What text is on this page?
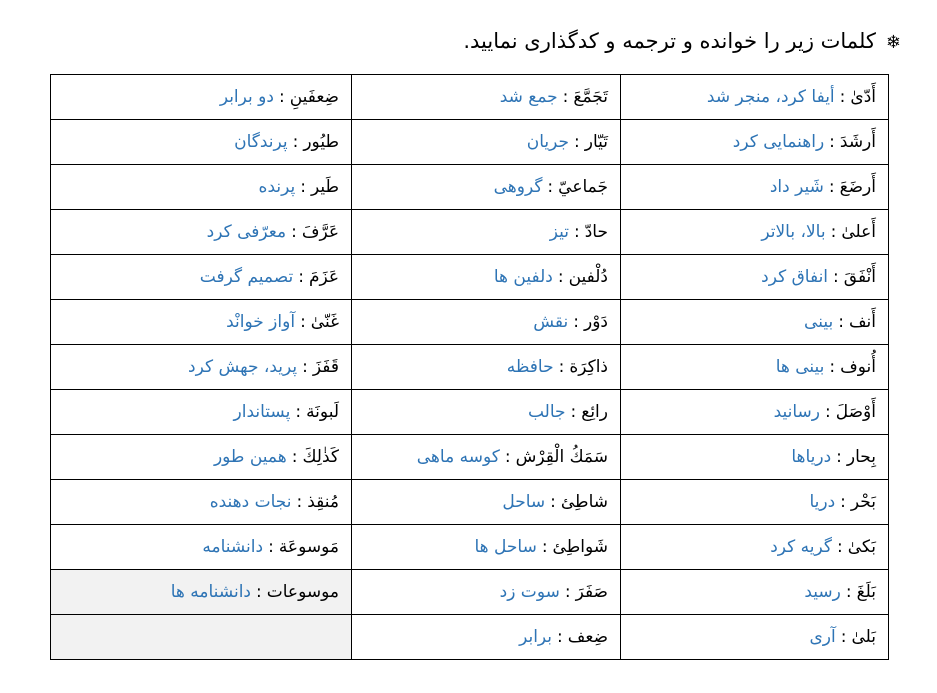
❄کلمات زیر را خوانده و ترجمه و کدگذاری نمایید.
أَدّیٰ:أیفا کرد، منجر شد	تَجَمَّعَ:جمع شد	ضِعفَینِ:دو برابر
أَرشَدَ:راهنمایی کرد	تَیّار:جریان	طیُور:پرندگان
أَرضَعَ:شَیر داد	جَماعيّ:گروهی	طَیر:پرنده
أَعلیٰ:بالا، بالاتر	حادّ:تیز	عَرَّفَ:معرّفی کرد
أَنْفَقَ:انفاق کرد	دُلْفین:دلفین ها	عَزَمَ:تصمیم گرفت
أَنف:بینی	دَوْر:نقش	غَنّیٰ:آواز خوانْد
أُنوف:بینی ها	ذاکِرَة:حافظه	قَفَزَ:پرید، جهش کرد
أَوْصَلَ:رسانید	رائِع:جالب	لَبونَة:پستاندار
بِحار:دریاها	سَمَكُ الْقِرْش:کوسه ماهی	کَذٰلِكَ:همین طور
بَحْر:دریا	شاطِئ:ساحل	مُنقِذ:نجات دهنده
بَکیٰ:گریه کرد	شَواطِئ:ساحل ها	مَوسوعَة:دانشنامه
بَلَغَ:رسید	صَفَرَ:سوت زد	موسوعات:دانشنامه ها
بَلیٰ:آری	ضِعف:برابر	
